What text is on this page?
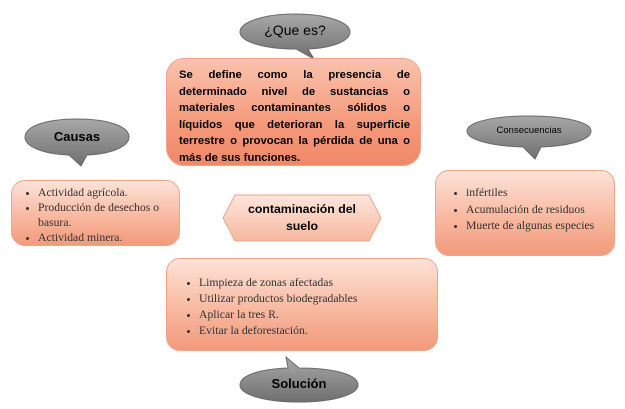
¿Que es?
Se define como la presencia de determinado nivel de sustancias o materiales contaminantes sólidos o líquidos que deterioran la superficie terrestre o provocan la pérdida de una o más de sus funciones.
Causas	Consecuencias
• Actividad agrícola.
• Producción de desechos o basura.
• Actividad minera.
contaminación del suelo
• infértiles
• Acumulación de residuos
• Muerte de algunas especies
• Limpieza de zonas afectadas
• Utilizar productos biodegradables
• Aplicar la tres R.
• Evitar la deforestación.
Solución
